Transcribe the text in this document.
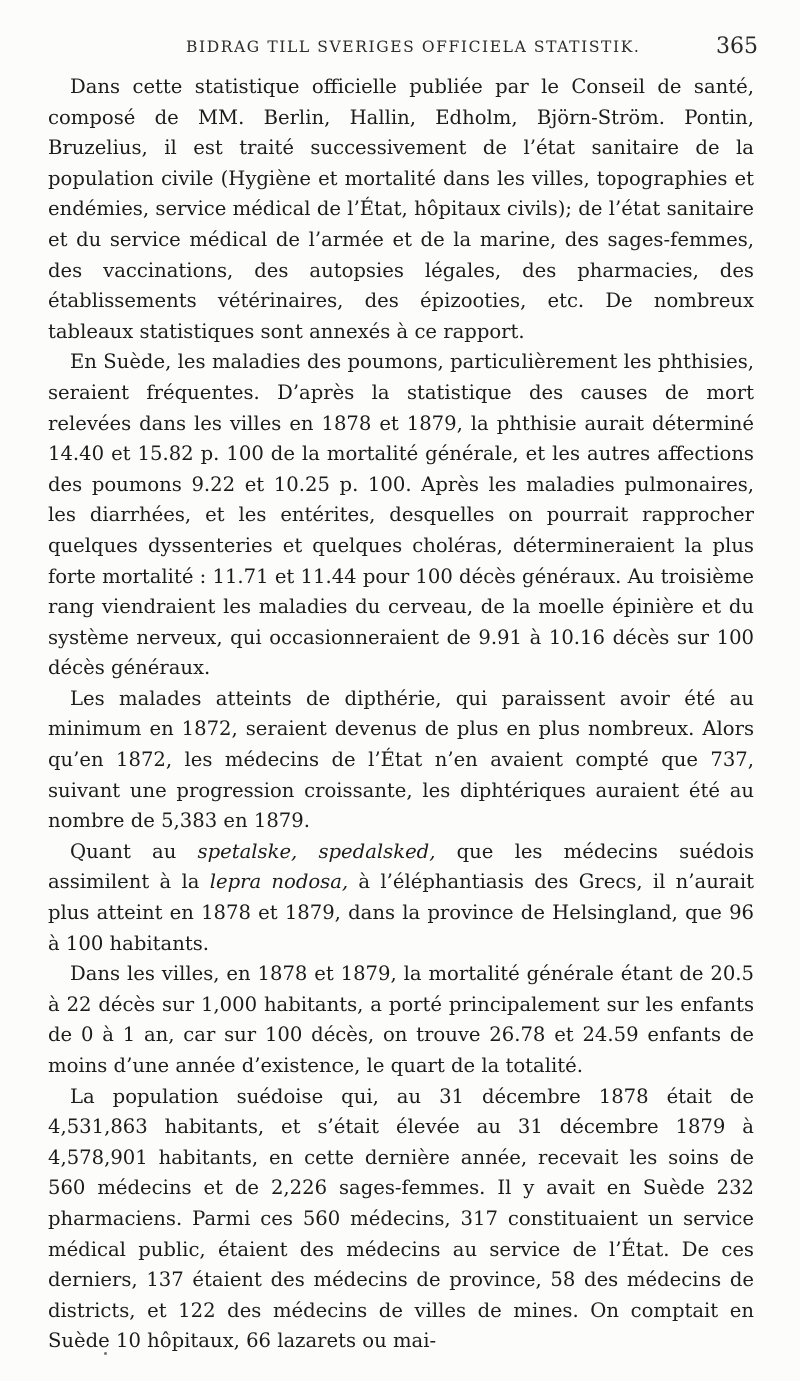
BIDRAG TILL SVERIGES OFFICIELA STATISTIK.	365

Dans cette statistique officielle publiée par le Conseil de santé, composé de MM. Berlin, Hallin, Edholm, Björn-Ström. Pontin, Bruzelius, il est traité successivement de l’état sanitaire de la population civile (Hygiène et mortalité dans les villes, topographies et endémies, service médical de l’État, hôpitaux civils); de l’état sanitaire et du service médical de l’armée et de la marine, des sages-femmes, des vaccinations, des autopsies légales, des pharmacies, des établissements vétérinaires, des épizooties, etc. De nombreux tableaux statistiques sont annexés à ce rapport.

En Suède, les maladies des poumons, particulièrement les phthisies, seraient fréquentes. D’après la statistique des causes de mort relevées dans les villes en 1878 et 1879, la phthisie aurait déterminé 14.40 et 15.82 p. 100 de la mortalité générale, et les autres affections des poumons 9.22 et 10.25 p. 100. Après les maladies pulmonaires, les diarrhées, et les entérites, desquelles on pourrait rapprocher quelques dyssenteries et quelques choléras, détermineraient la plus forte mortalité : 11.71 et 11.44 pour 100 décès généraux. Au troisième rang viendraient les maladies du cerveau, de la moelle épinière et du système nerveux, qui occasionneraient de 9.91 à 10.16 décès sur 100 décès généraux.

Les malades atteints de dipthérie, qui paraissent avoir été au minimum en 1872, seraient devenus de plus en plus nombreux. Alors qu’en 1872, les médecins de l’État n’en avaient compté que 737, suivant une progression croissante, les diphtériques auraient été au nombre de 5,383 en 1879.

Quant au spetalske, spedalsked, que les médecins suédois assimilent à la lepra nodosa, à l’éléphantiasis des Grecs, il n’aurait plus atteint en 1878 et 1879, dans la province de Helsingland, que 96 à 100 habitants.

Dans les villes, en 1878 et 1879, la mortalité générale étant de 20.5 à 22 décès sur 1,000 habitants, a porté principalement sur les enfants de 0 à 1 an, car sur 100 décès, on trouve 26.78 et 24.59 enfants de moins d’une année d’existence, le quart de la totalité.

La population suédoise qui, au 31 décembre 1878 était de 4,531,863 habitants, et s’était élevée au 31 décembre 1879 à 4,578,901 habitants, en cette dernière année, recevait les soins de 560 médecins et de 2,226 sages-femmes. Il y avait en Suède 232 pharmaciens. Parmi ces 560 médecins, 317 constituaient un service médical public, étaient des médecins au service de l’État. De ces derniers, 137 étaient des médecins de province, 58 des médecins de districts, et 122 des médecins de villes de mines. On comptait en Suède 10 hôpitaux, 66 lazarets ou mai-
